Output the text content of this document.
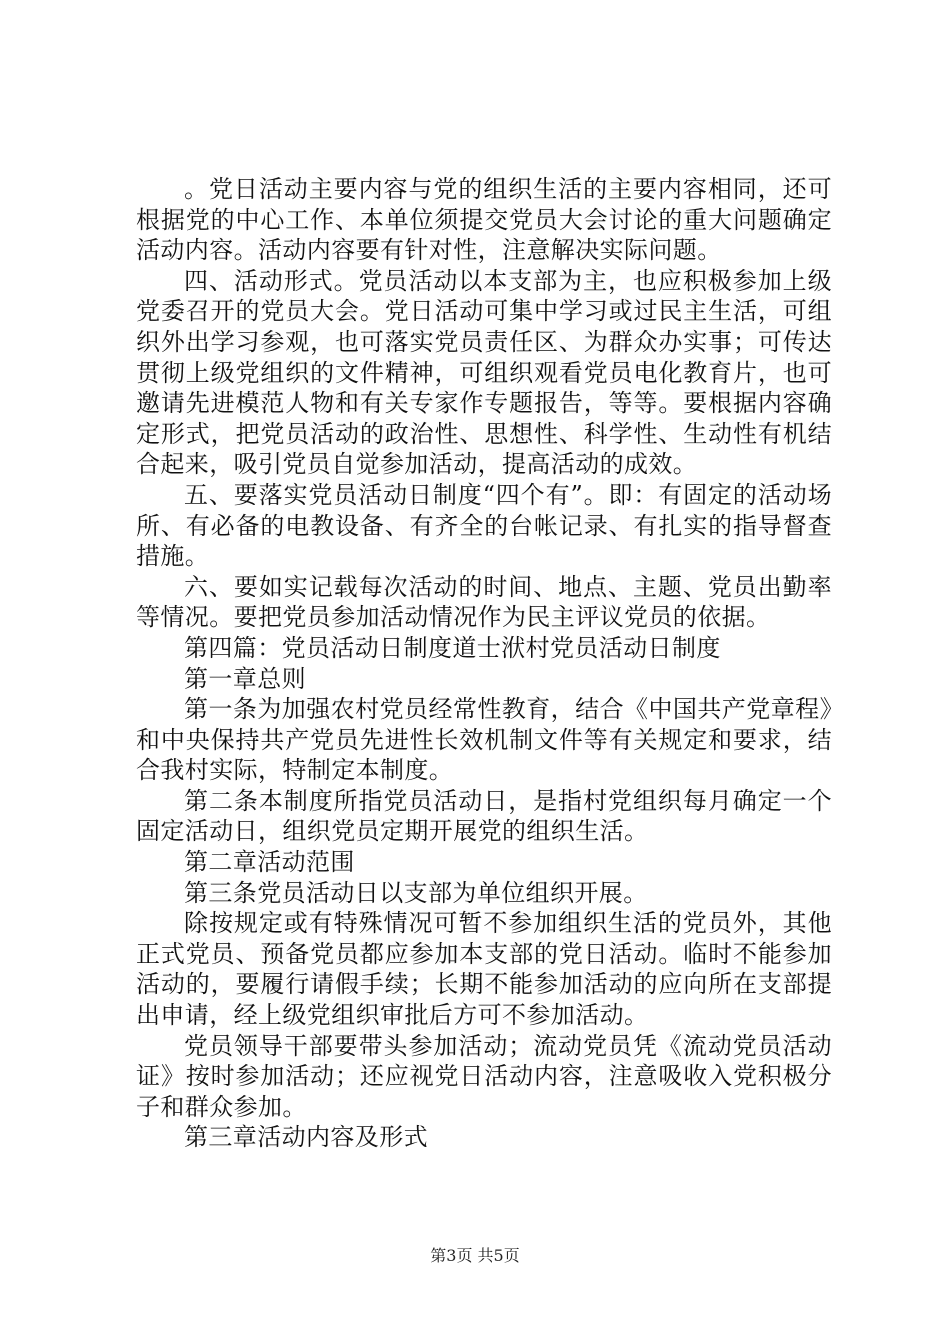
。党日活动主要内容与党的组织生活的主要内容相同，还可根据党的中心工作、本单位须提交党员大会讨论的重大问题确定活动内容。活动内容要有针对性，注意解决实际问题。

四、活动形式。党员活动以本支部为主，也应积极参加上级党委召开的党员大会。党日活动可集中学习或过民主生活，可组织外出学习参观，也可落实党员责任区、为群众办实事；可传达贯彻上级党组织的文件精神，可组织观看党员电化教育片，也可邀请先进模范人物和有关专家作专题报告，等等。要根据内容确定形式，把党员活动的政治性、思想性、科学性、生动性有机结合起来，吸引党员自觉参加活动，提高活动的成效。

五、要落实党员活动日制度“四个有”。即：有固定的活动场所、有必备的电教设备、有齐全的台帐记录、有扎实的指导督查措施。

六、要如实记载每次活动的时间、地点、主题、党员出勤率等情况。要把党员参加活动情况作为民主评议党员的依据。

第四篇：党员活动日制度道士洑村党员活动日制度

第一章总则

第一条为加强农村党员经常性教育，结合《中国共产党章程》和中央保持共产党员先进性长效机制文件等有关规定和要求，结合我村实际，特制定本制度。

第二条本制度所指党员活动日，是指村党组织每月确定一个固定活动日，组织党员定期开展党的组织生活。

第二章活动范围

第三条党员活动日以支部为单位组织开展。

除按规定或有特殊情况可暂不参加组织生活的党员外，其他正式党员、预备党员都应参加本支部的党日活动。临时不能参加活动的，要履行请假手续；长期不能参加活动的应向所在支部提出申请，经上级党组织审批后方可不参加活动。

党员领导干部要带头参加活动；流动党员凭《流动党员活动证》按时参加活动；还应视党日活动内容，注意吸收入党积极分子和群众参加。

第三章活动内容及形式

第3页 共5页
